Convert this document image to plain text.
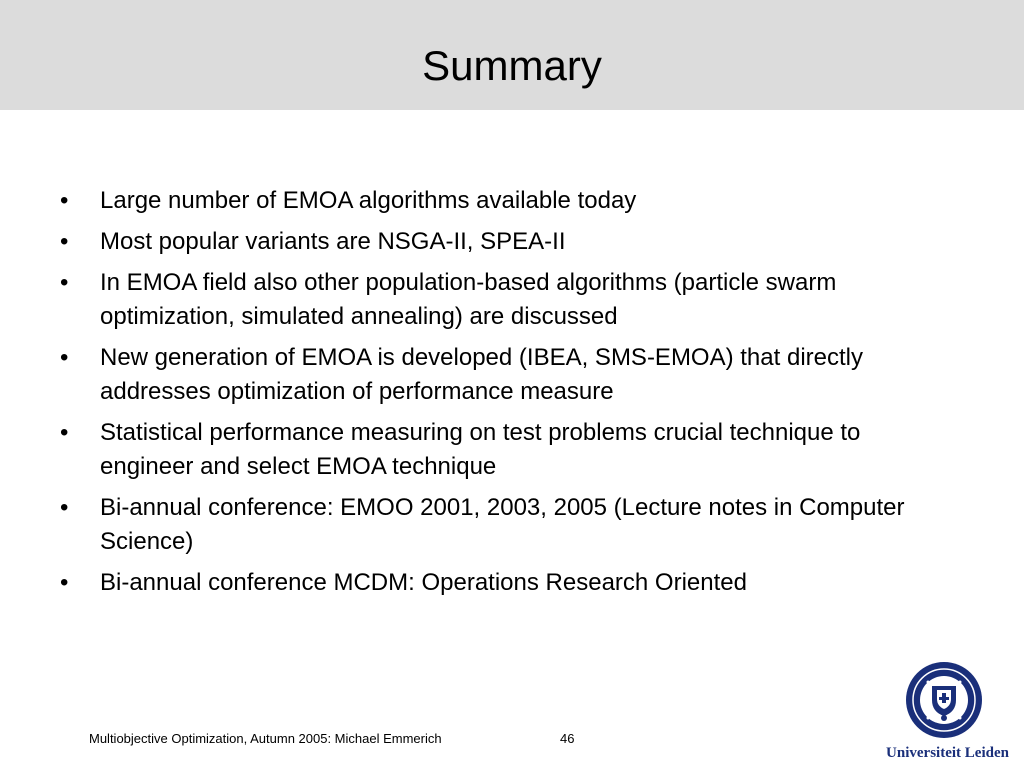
Summary
•	Large number of EMOA algorithms available today
•	Most popular variants are NSGA-II, SPEA-II
•	In EMOA field also other population-based algorithms (particle swarm optimization, simulated annealing) are discussed
•	New generation of EMOA is developed (IBEA, SMS-EMOA) that directly addresses optimization of performance measure
•	Statistical performance measuring on test problems crucial technique to engineer and select EMOA technique
•	Bi-annual conference: EMOO 2001, 2003, 2005 (Lecture notes in Computer Science)
•	Bi-annual conference MCDM: Operations Research Oriented
Multiobjective Optimization, Autumn 2005: Michael Emmerich	46
Universiteit Leiden
